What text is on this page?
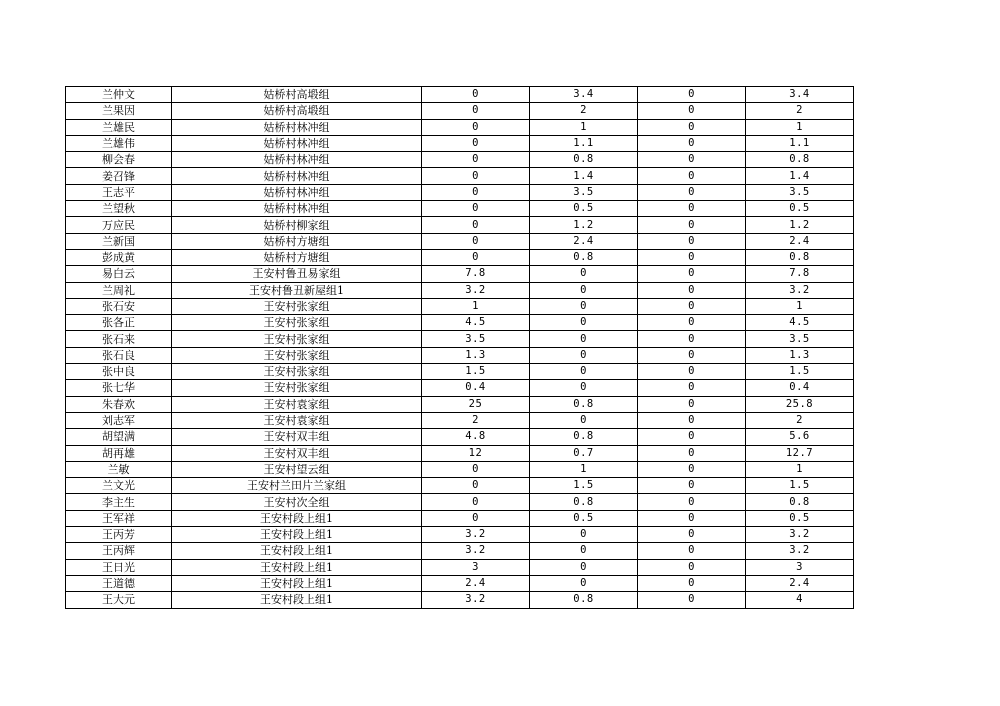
兰仲文	姑桥村高塅组	0	3.4	0	3.4
兰果因	姑桥村高塅组	0	2	0	2
兰雄民	姑桥村林冲组	0	1	0	1
兰雄伟	姑桥村林冲组	0	1.1	0	1.1
柳会春	姑桥村林冲组	0	0.8	0	0.8
姜召锋	姑桥村林冲组	0	1.4	0	1.4
王志平	姑桥村林冲组	0	3.5	0	3.5
兰望秋	姑桥村林冲组	0	0.5	0	0.5
万应民	姑桥村柳家组	0	1.2	0	1.2
兰新国	姑桥村方塘组	0	2.4	0	2.4
彭成黄	姑桥村方塘组	0	0.8	0	0.8
易白云	王安村鲁丑易家组	7.8	0	0	7.8
兰周礼	王安村鲁丑新屋组1	3.2	0	0	3.2
张石安	王安村张家组	1	0	0	1
张各正	王安村张家组	4.5	0	0	4.5
张石来	王安村张家组	3.5	0	0	3.5
张石良	王安村张家组	1.3	0	0	1.3
张中良	王安村张家组	1.5	0	0	1.5
张七华	王安村张家组	0.4	0	0	0.4
朱春欢	王安村袁家组	25	0.8	0	25.8
刘志军	王安村袁家组	2	0	0	2
胡望满	王安村双丰组	4.8	0.8	0	5.6
胡再雄	王安村双丰组	12	0.7	0	12.7
兰敏	王安村望云组	0	1	0	1
兰文光	王安村兰田片兰家组	0	1.5	0	1.5
李主生	王安村次全组	0	0.8	0	0.8
王军祥	王安村段上组1	0	0.5	0	0.5
王丙芳	王安村段上组1	3.2	0	0	3.2
王丙辉	王安村段上组1	3.2	0	0	3.2
王日光	王安村段上组1	3	0	0	3
王道德	王安村段上组1	2.4	0	0	2.4
王大元	王安村段上组1	3.2	0.8	0	4
